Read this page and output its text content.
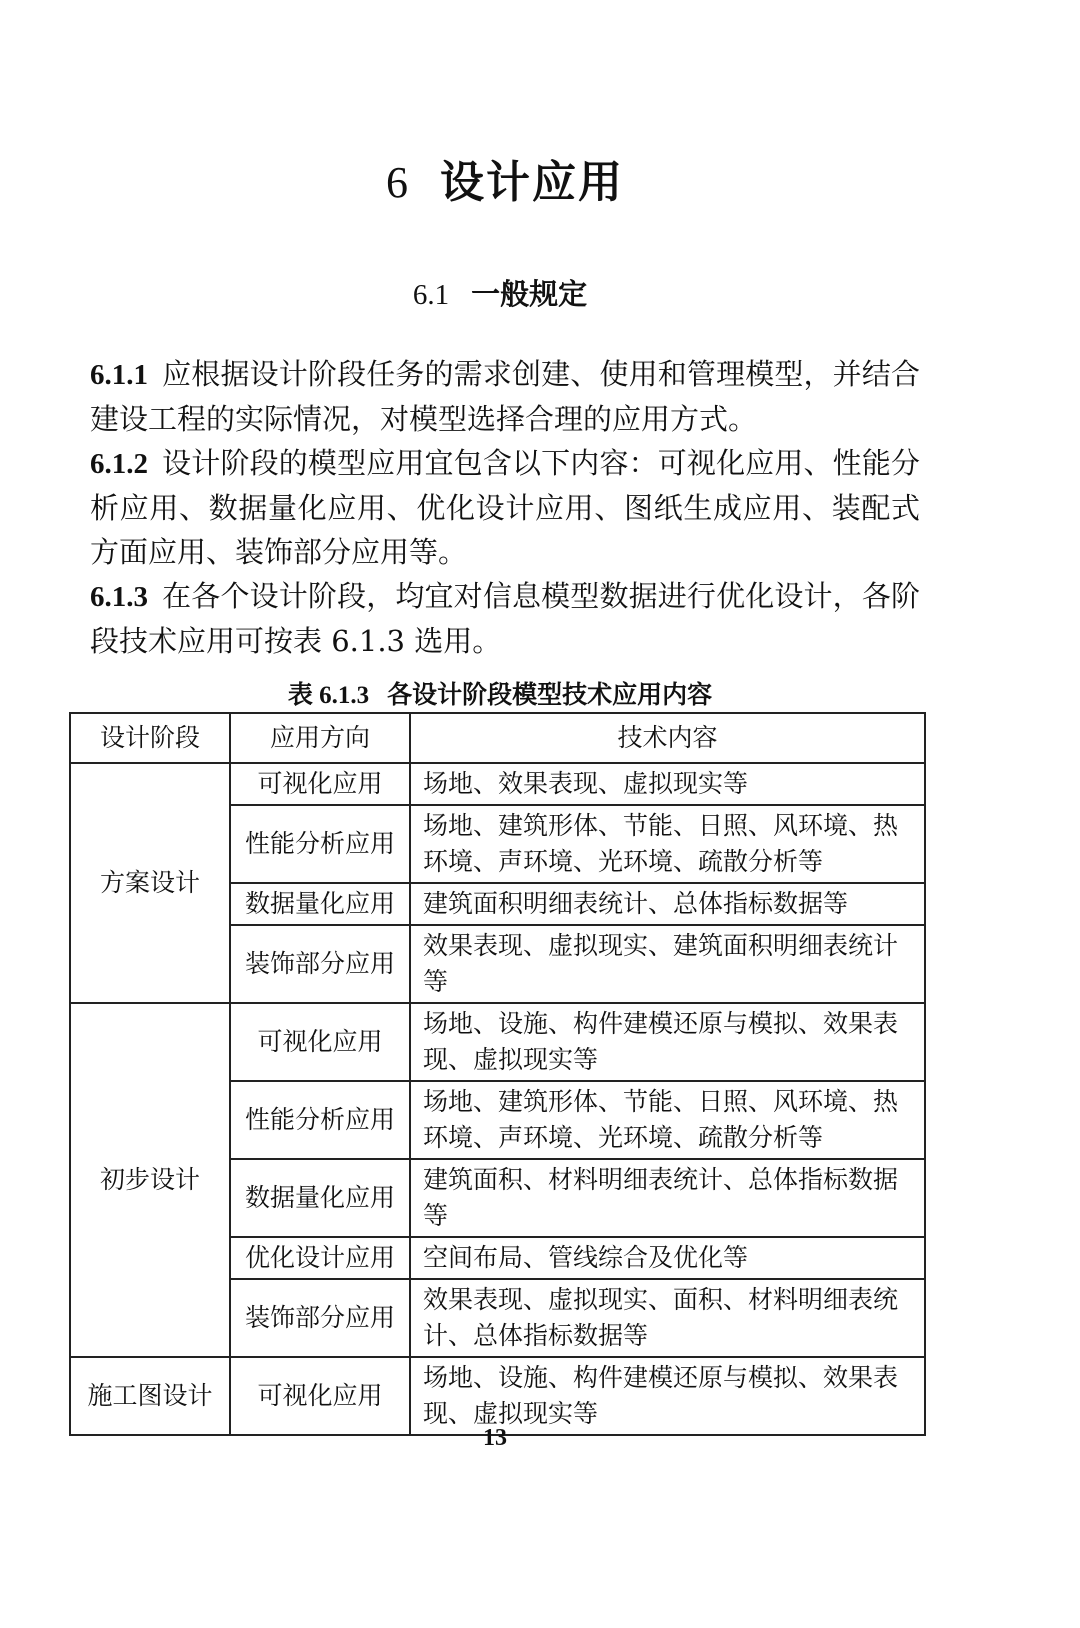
6 设计应用
6.1 一般规定

6.1.1 应根据设计阶段任务的需求创建、使用和管理模型，并结合建设工程的实际情况，对模型选择合理的应用方式。

6.1.2 设计阶段的模型应用宜包含以下内容：可视化应用、性能分析应用、数据量化应用、优化设计应用、图纸生成应用、装配式方面应用、装饰部分应用等。

6.1.3 在各个设计阶段，均宜对信息模型数据进行优化设计，各阶段技术应用可按表 6.1.3 选用。

表 6.1.3 各设计阶段模型技术应用内容
设计阶段	应用方向	技术内容
方案设计	可视化应用	场地、效果表现、虚拟现实等
	性能分析应用	场地、建筑形体、节能、日照、风环境、热环境、声环境、光环境、疏散分析等
	数据量化应用	建筑面积明细表统计、总体指标数据等
	装饰部分应用	效果表现、虚拟现实、建筑面积明细表统计等
初步设计	可视化应用	场地、设施、构件建模还原与模拟、效果表现、虚拟现实等
	性能分析应用	场地、建筑形体、节能、日照、风环境、热环境、声环境、光环境、疏散分析等
	数据量化应用	建筑面积、材料明细表统计、总体指标数据等
	优化设计应用	空间布局、管线综合及优化等
	装饰部分应用	效果表现、虚拟现实、面积、材料明细表统计、总体指标数据等
施工图设计	可视化应用	场地、设施、构件建模还原与模拟、效果表现、虚拟现实等
13
